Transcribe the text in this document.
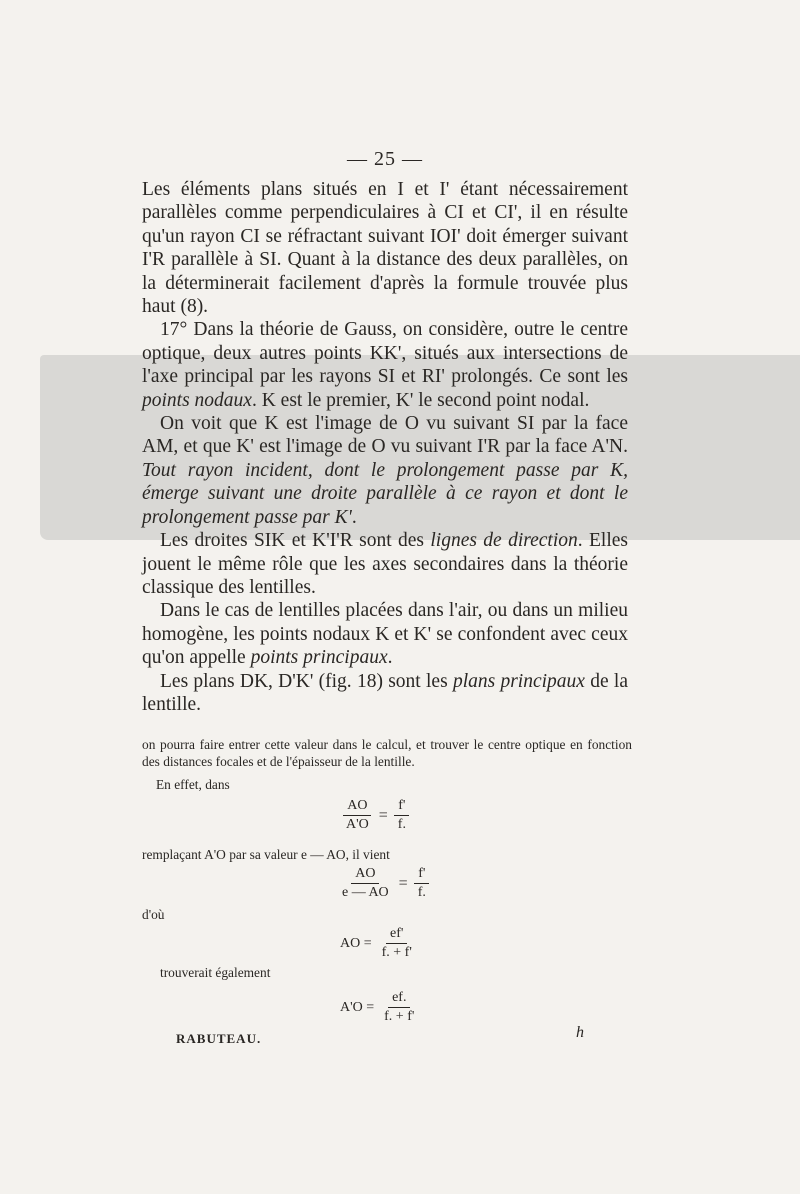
— 25 —

Les éléments plans situés en I et I' étant nécessairement parallèles comme perpendiculaires à CI et CI', il en résulte qu'un rayon CI se réfractant suivant IOI' doit émerger suivant I'R parallèle à SI. Quant à la distance des deux parallèles, on la déterminerait facilement d'après la formule trouvée plus haut (8).

17° Dans la théorie de Gauss, on considère, outre le centre optique, deux autres points KK', situés aux intersections de l'axe principal par les rayons SI et RI' prolongés. Ce sont les points nodaux. K est le premier, K' le second point nodal.

On voit que K est l'image de O vu suivant SI par la face AM, et que K' est l'image de O vu suivant I'R par la face A'N. Tout rayon incident, dont le prolongement passe par K, émerge suivant une droite parallèle à ce rayon et dont le prolongement passe par K'.

Les droites SIK et K'I'R sont des lignes de direction. Elles jouent le même rôle que les axes secondaires dans la théorie classique des lentilles.

Dans le cas de lentilles placées dans l'air, ou dans un milieu homogène, les points nodaux K et K' se confondent avec ceux qu'on appelle points principaux.

Les plans DK, D'K' (fig. 18) sont les plans principaux de la lentille.

on pourra faire entrer cette valeur dans le calcul, et trouver le centre optique en fonction des distances focales et de l'épaisseur de la lentille.

En effet, dans
$\frac{AO}{A'O} = \frac{f'}{f.}$
remplaçant A'O par sa valeur e — AO, il vient
$\frac{AO}{e — AO} = \frac{f'}{f.}$
d'où
AO = $\frac{ef'}{f. + f'}$
trouverait également
$A'O = \frac{ef.}{f. + f'}$
RABUTEAU.	h
